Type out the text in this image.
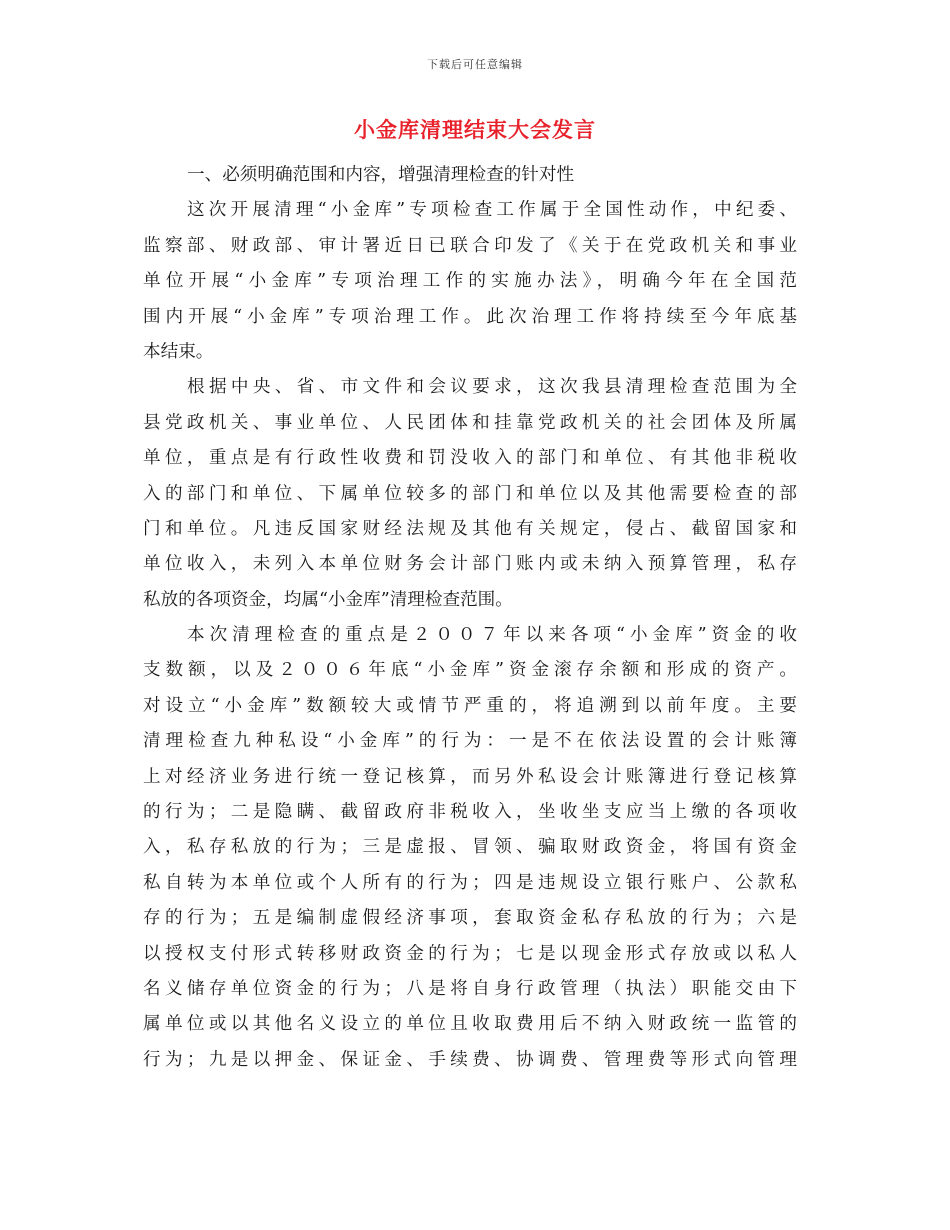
下载后可任意编辑
小金库清理结束大会发言
一、必须明确范围和内容，增强清理检查的针对性
这次开展清理“小金库”专项检查工作属于全国性动作，中纪委、
监察部、财政部、审计署近日已联合印发了《关于在党政机关和事业
单位开展“小金库”专项治理工作的实施办法》，明确今年在全国范
围内开展“小金库”专项治理工作。此次治理工作将持续至今年底基
本结束。
根据中央、省、市文件和会议要求，这次我县清理检查范围为全
县党政机关、事业单位、人民团体和挂靠党政机关的社会团体及所属
单位，重点是有行政性收费和罚没收入的部门和单位、有其他非税收
入的部门和单位、下属单位较多的部门和单位以及其他需要检查的部
门和单位。凡违反国家财经法规及其他有关规定，侵占、截留国家和
单位收入，未列入本单位财务会计部门账内或未纳入预算管理，私存
私放的各项资金，均属“小金库”清理检查范围。
本次清理检查的重点是２００７年以来各项“小金库”资金的收
支数额，以及２００６年底“小金库”资金滚存余额和形成的资产。
对设立“小金库”数额较大或情节严重的，将追溯到以前年度。主要
清理检查九种私设“小金库”的行为：一是不在依法设置的会计账簿
上对经济业务进行统一登记核算，而另外私设会计账簿进行登记核算
的行为；二是隐瞒、截留政府非税收入，坐收坐支应当上缴的各项收
入，私存私放的行为；三是虚报、冒领、骗取财政资金，将国有资金
私自转为本单位或个人所有的行为；四是违规设立银行账户、公款私
存的行为；五是编制虚假经济事项，套取资金私存私放的行为；六是
以授权支付形式转移财政资金的行为；七是以现金形式存放或以私人
名义储存单位资金的行为；八是将自身行政管理（执法）职能交由下
属单位或以其他名义设立的单位且收取费用后不纳入财政统一监管的
行为；九是以押金、保证金、手续费、协调费、管理费等形式向管理
